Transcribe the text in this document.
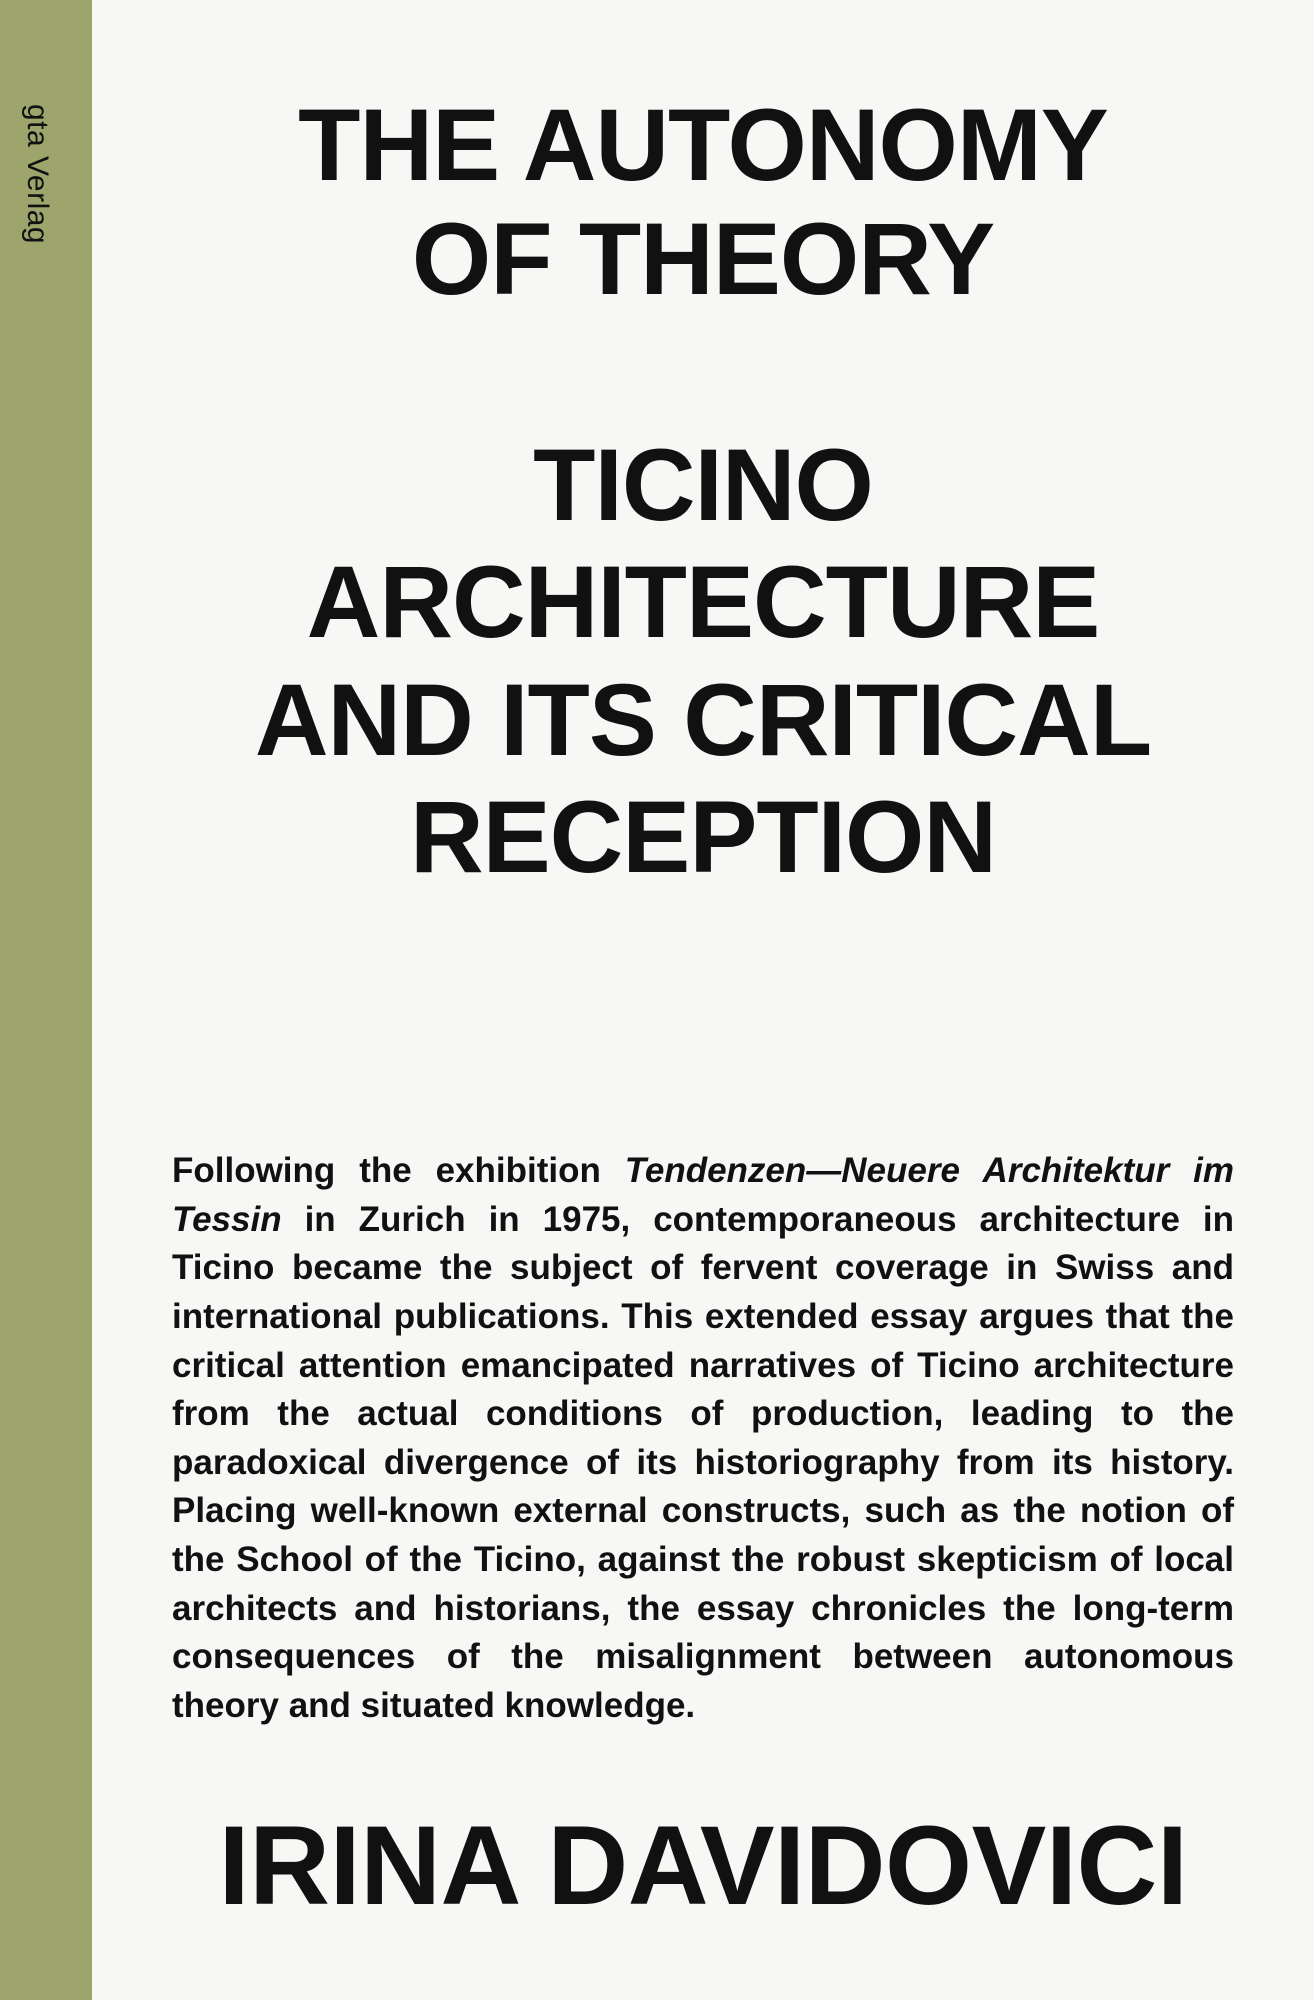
gta Verlag	THE AUTONOMY
OF THEORY
TICINO
ARCHITECTURE
AND ITS CRITICAL
RECEPTION

Following the exhibition Tendenzen—Neuere Architektur im Tessin in Zurich in 1975, contemporaneous architecture in Ticino became the subject of fervent coverage in Swiss and international publications. This extended essay argues that the critical attention emancipated narratives of Ticino architecture from the actual conditions of production, leading to the paradoxical divergence of its historiography from its history. Placing well-known external constructs, such as the notion of the School of the Ticino, against the robust skepticism of local architects and historians, the essay chronicles the long-term consequences of the misalignment between autonomous theory and situated knowledge.

IRINA DAVIDOVICI
